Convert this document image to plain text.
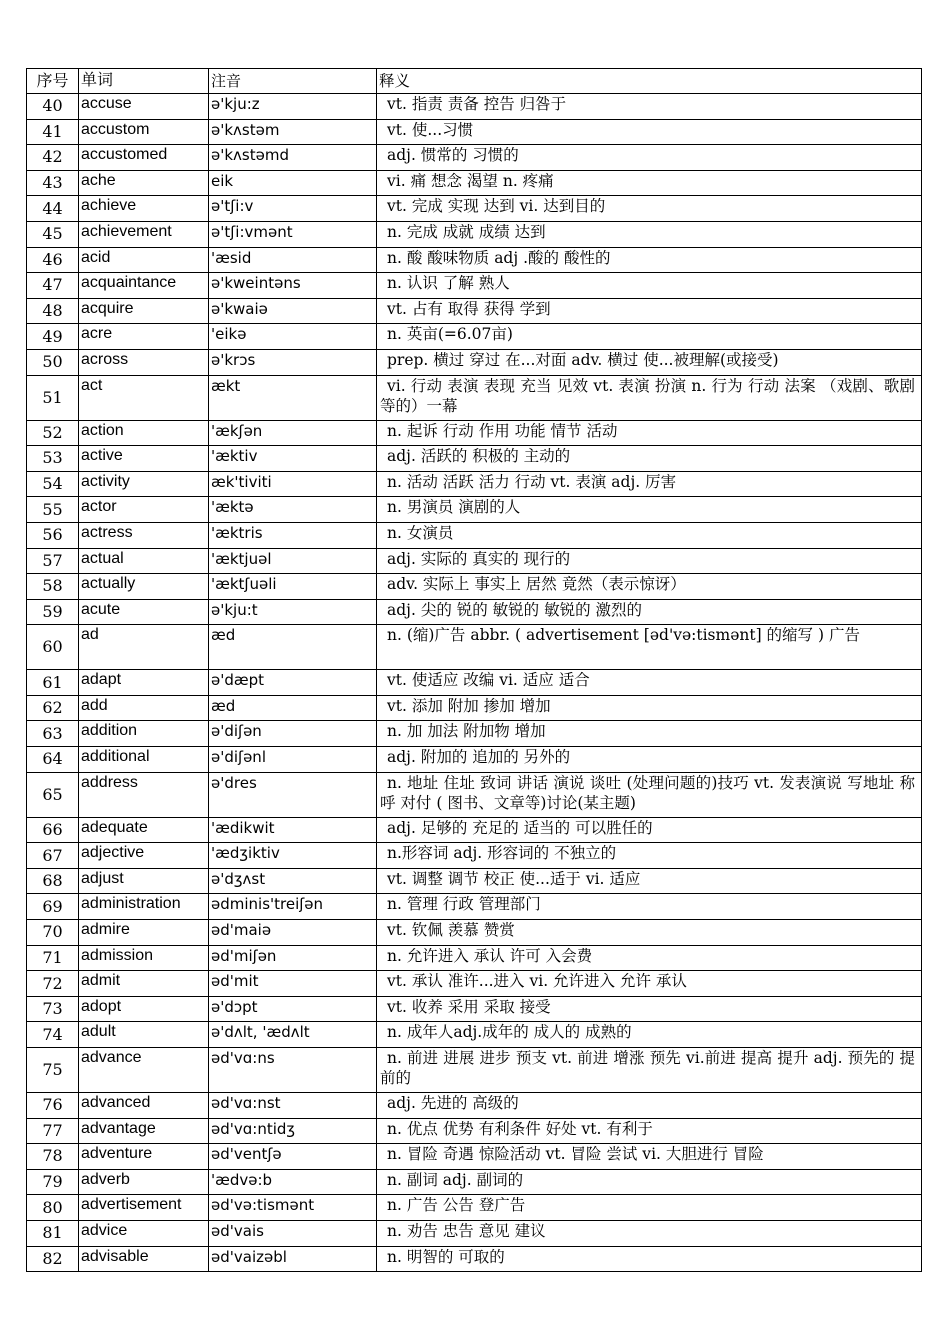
序号	单词	注音	释义
40	accuse	ə'kju:z	vt. 指责 责备 控告 归咎于
41	accustom	ə'kʌstəm	vt. 使...习惯
42	accustomed	ə'kʌstəmd	adj. 惯常的 习惯的
43	ache	eik	vi. 痛 想念 渴望 n. 疼痛
44	achieve	ə'tʃi:v	vt. 完成 实现 达到 vi. 达到目的
45	achievement	ə'tʃi:vmənt	n. 完成 成就 成绩 达到
46	acid	'æsid	n. 酸 酸味物质 adj .酸的 酸性的
47	acquaintance	ə'kweintəns	n. 认识 了解 熟人
48	acquire	ə'kwaiə	vt. 占有 取得 获得 学到
49	acre	'eikə	n. 英亩(=6.07亩)
50	across	ə'krɔs	prep. 横过 穿过 在...对面 adv. 横过 使...被理解(或接受)
51	act	ækt	vi. 行动 表演 表现 充当 见效 vt. 表演 扮演 n. 行为 行动 法案 （戏剧、歌剧等的）一幕
52	action	'ækʃən	n. 起诉 行动 作用 功能 情节 活动
53	active	'æktiv	adj. 活跃的 积极的 主动的
54	activity	æk'tiviti	n. 活动 活跃 活力 行动 vt. 表演 adj. 厉害
55	actor	'æktə	n. 男演员 演剧的人
56	actress	'æktris	n. 女演员
57	actual	'æktjuəl	adj. 实际的 真实的 现行的
58	actually	'æktʃuəli	adv. 实际上 事实上 居然 竟然（表示惊讶）
59	acute	ə'kju:t	adj. 尖的 锐的 敏锐的 敏锐的 激烈的
60	ad	æd	n. (缩)广告 abbr. ( advertisement [əd'və:tismənt] 的缩写 ) 广告
61	adapt	ə'dæpt	vt. 使适应 改编 vi. 适应 适合
62	add	æd	vt. 添加 附加 掺加 增加
63	addition	ə'diʃən	n. 加 加法 附加物 增加
64	additional	ə'diʃənl	adj. 附加的 追加的 另外的
65	address	ə'dres	n. 地址 住址 致词 讲话 演说 谈吐 (处理问题的)技巧 vt. 发表演说 写地址 称呼 对付 ( 图书、文章等)讨论(某主题)
66	adequate	'ædikwit	adj. 足够的 充足的 适当的 可以胜任的
67	adjective	'ædʒiktiv	n.形容词 adj. 形容词的 不独立的
68	adjust	ə'dʒʌst	vt. 调整 调节 校正 使...适于 vi. 适应
69	administration	ədminis'treiʃən	n. 管理 行政 管理部门
70	admire	əd'maiə	vt. 钦佩 羡慕 赞赏
71	admission	əd'miʃən	n. 允许进入 承认 许可 入会费
72	admit	əd'mit	vt. 承认 准许...进入 vi. 允许进入 允许 承认
73	adopt	ə'dɔpt	vt. 收养 采用 采取 接受
74	adult	ə'dʌlt, 'ædʌlt	n. 成年人adj.成年的 成人的 成熟的
75	advance	əd'vɑ:ns	n. 前进 进展 进步 预支 vt. 前进 增涨 预先 vi.前进 提高 提升 adj. 预先的 提前的
76	advanced	əd'vɑ:nst	adj. 先进的 高级的
77	advantage	əd'vɑ:ntidʒ	n. 优点 优势 有利条件 好处 vt. 有利于
78	adventure	əd'ventʃə	n. 冒险 奇遇 惊险活动 vt. 冒险 尝试 vi. 大胆进行 冒险
79	adverb	'ædvə:b	n. 副词 adj. 副词的
80	advertisement	əd'və:tismənt	n. 广告 公告 登广告
81	advice	əd'vais	n. 劝告 忠告 意见 建议
82	advisable	əd'vaizəbl	n. 明智的 可取的
